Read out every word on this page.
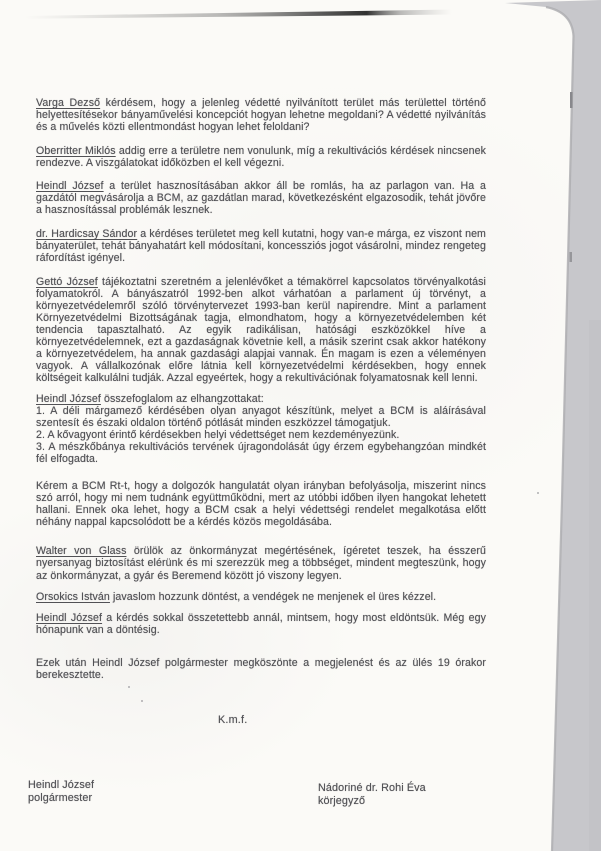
Varga Dezső kérdésem, hogy a jelenleg védetté nyilvánított terület más területtel történő helyettesítésekor bányaművelési koncepciót hogyan lehetne megoldani? A védetté nyilvánítás és a művelés közti ellentmondást hogyan lehet feloldani?

Oberritter Miklós addig erre a területre nem vonulunk, míg a rekultivációs kérdések nincsenek rendezve. A viszgálatokat időközben el kell végezni.

Heindl József a terület hasznosításában akkor áll be romlás, ha az parlagon van. Ha a gazdától megvásárolja a BCM, az gazdátlan marad, következésként elgazosodik, tehát jövőre a hasznosítással problémák lesznek.

dr. Hardicsay Sándor a kérdéses területet meg kell kutatni, hogy van-e márga, ez viszont nem bányaterület, tehát bányahatárt kell módosítani, koncessziós jogot vásárolni, mindez rengeteg ráfordítást igényel.

Gettó József tájékoztatni szeretném a jelenlévőket a témakörrel kapcsolatos törvényalkotási folyamatokról. A bányászatról 1992-ben alkot várhatóan a parlament új törvényt, a környezetvédelemről szóló törvénytervezet 1993-ban kerül napirendre. Mint a parlament Környezetvédelmi Bizottságának tagja, elmondhatom, hogy a környezetvédelemben két tendencia tapasztalható. Az egyik radikálisan, hatósági eszközökkel híve a környezetvédelemnek, ezt a gazdaságnak követnie kell, a másik szerint csak akkor hatékony a környezetvédelem, ha annak gazdasági alapjai vannak. Én magam is ezen a véleményen vagyok. A vállalkozónak előre látnia kell környezetvédelmi kérdésekben, hogy ennek költségeit kalkulálni tudják. Azzal egyeértek, hogy a rekultivációnak folyamatosnak kell lenni.

Heindl József összefoglalom az elhangzottakat:
1. A déli márgamező kérdésében olyan anyagot készítünk, melyet a BCM is aláírásával szentesít és északi oldalon történő pótlását minden eszközzel támogatjuk.
2. A kővagyont érintő kérdésekben helyi védettséget nem kezdeményezünk.
3. A mészkőbánya rekultivációs tervének újragondolását úgy érzem egybehangzóan mindkét fél elfogadta.

Kérem a BCM Rt-t, hogy a dolgozók hangulatát olyan irányban befolyásolja, miszerint nincs szó arról, hogy mi nem tudnánk együttműködni, mert az utóbbi időben ilyen hangokat lehetett hallani. Ennek oka lehet, hogy a BCM csak a helyi védettségi rendelet megalkotása előtt néhány nappal kapcsolódott be a kérdés közös megoldásába.

Walter von Glass örülök az önkormányzat megértésének, ígéretet teszek, ha ésszerű nyersanyag biztosítást elérünk és mi szerezzük meg a többséget, mindent megteszünk, hogy az önkormányzat, a gyár és Beremend között jó viszony legyen.

Orsokics István javaslom hozzunk döntést, a vendégek ne menjenek el üres kézzel.

Heindl József a kérdés sokkal összetettebb annál, mintsem, hogy most eldöntsük. Még egy hónapunk van a döntésig.

Ezek után Heindl József polgármester megköszönte a megjelenést és az ülés 19 órakor berekesztette.

K.m.f.
Heindl József
polgármester
Nádoriné dr. Rohi Éva
körjegyző
